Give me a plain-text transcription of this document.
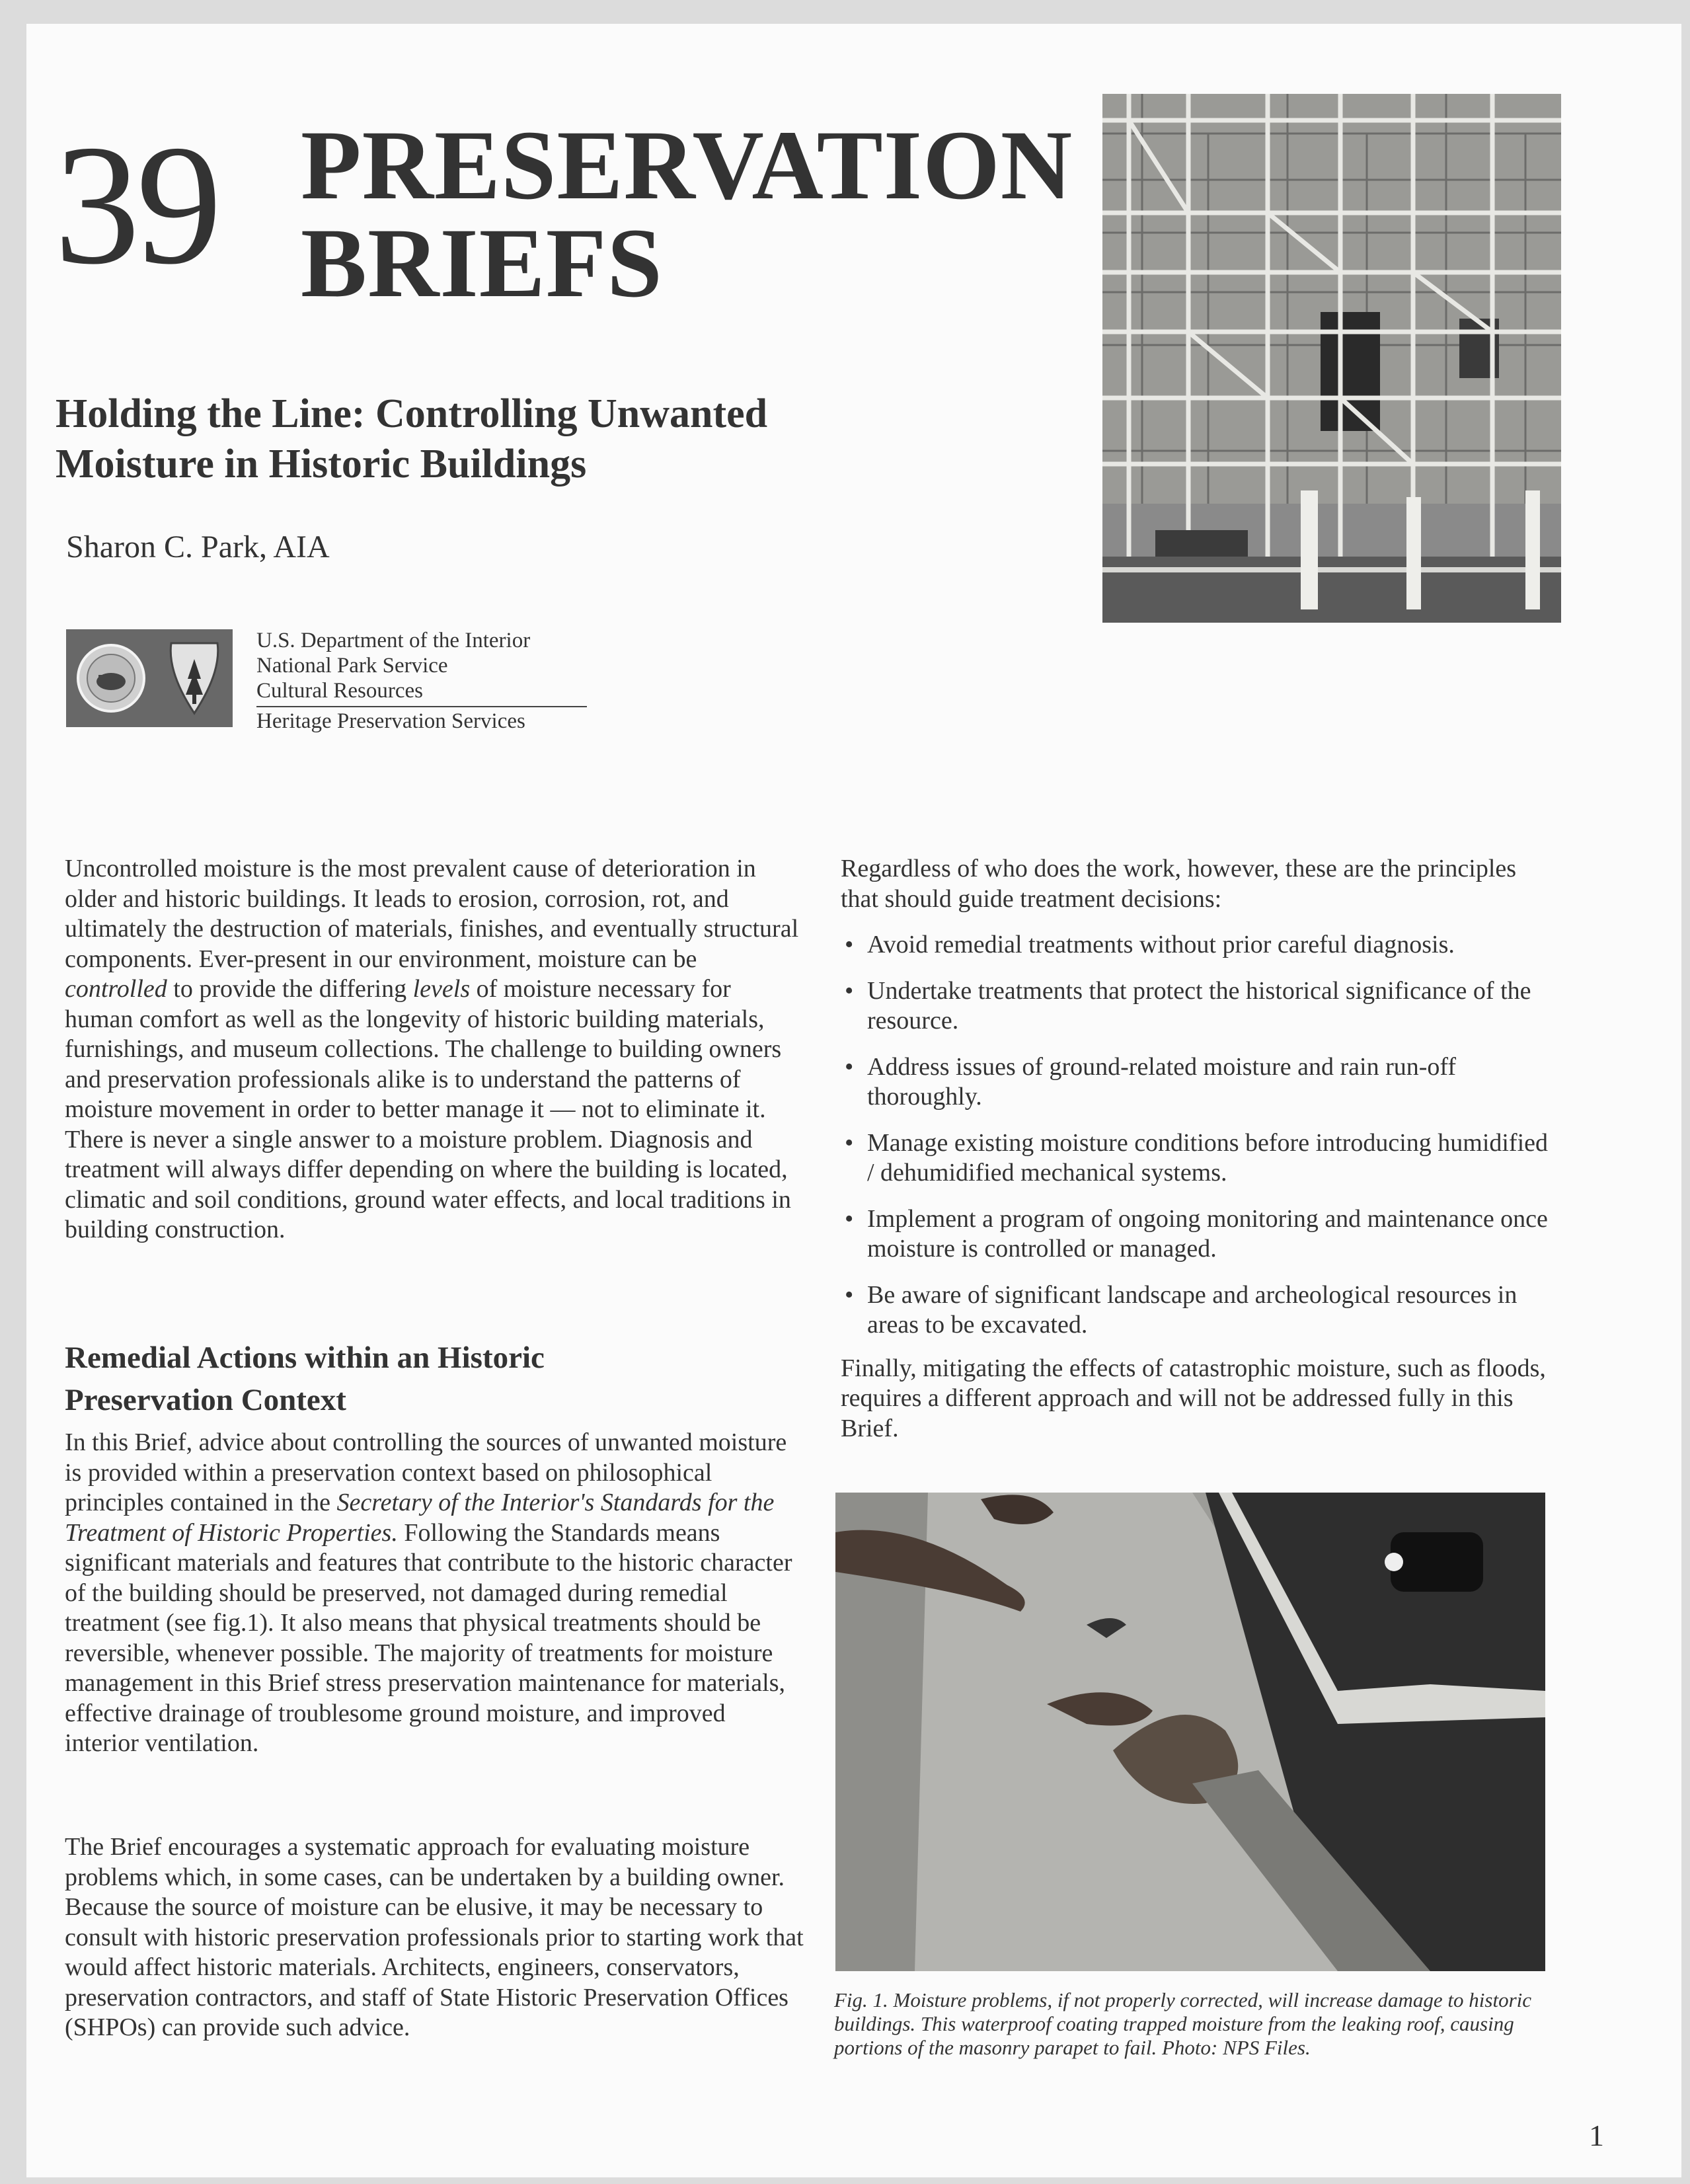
39 PRESERVATION
BRIEFS
Holding the Line: Controlling Unwanted
Moisture in Historic Buildings
Sharon C. Park, AIA
U.S. Department of the Interior
National Park Service
Cultural Resources
Heritage Preservation Services

Uncontrolled moisture is the most prevalent cause of deterioration in older and historic buildings. It leads to erosion, corrosion, rot, and ultimately the destruction of materials, finishes, and eventually structural components. Ever-present in our environment, moisture can be controlled to provide the differing levels of moisture necessary for human comfort as well as the longevity of historic building materials, furnishings, and museum collections. The challenge to building owners and preservation professionals alike is to understand the patterns of moisture movement in order to better manage it — not to eliminate it. There is never a single answer to a moisture problem. Diagnosis and treatment will always differ depending on where the building is located, climatic and soil conditions, ground water effects, and local traditions in building construction.

Remedial Actions within an Historic
Preservation Context

In this Brief, advice about controlling the sources of unwanted moisture is provided within a preservation context based on philosophical principles contained in the Secretary of the Interior's Standards for the Treatment of Historic Properties. Following the Standards means significant materials and features that contribute to the historic character of the building should be preserved, not damaged during remedial treatment (see fig.1). It also means that physical treatments should be reversible, whenever possible. The majority of treatments for moisture management in this Brief stress preservation maintenance for materials, effective drainage of troublesome ground moisture, and improved interior ventilation.

The Brief encourages a systematic approach for evaluating moisture problems which, in some cases, can be undertaken by a building owner. Because the source of moisture can be elusive, it may be necessary to consult with historic preservation professionals prior to starting work that would affect historic materials. Architects, engineers, conservators, preservation contractors, and staff of State Historic Preservation Offices (SHPOs) can provide such advice.

Regardless of who does the work, however, these are the principles that should guide treatment decisions:

• Avoid remedial treatments without prior careful diagnosis.
• Undertake treatments that protect the historical significance of the resource.
• Address issues of ground-related moisture and rain run-off thoroughly.
• Manage existing moisture conditions before introducing humidified / dehumidified mechanical systems.
• Implement a program of ongoing monitoring and maintenance once moisture is controlled or managed.
• Be aware of significant landscape and archeological resources in areas to be excavated.

Finally, mitigating the effects of catastrophic moisture, such as floods, requires a different approach and will not be addressed fully in this Brief.

Fig. 1. Moisture problems, if not properly corrected, will increase damage to historic buildings. This waterproof coating trapped moisture from the leaking roof, causing portions of the masonry parapet to fail. Photo: NPS Files.
1
